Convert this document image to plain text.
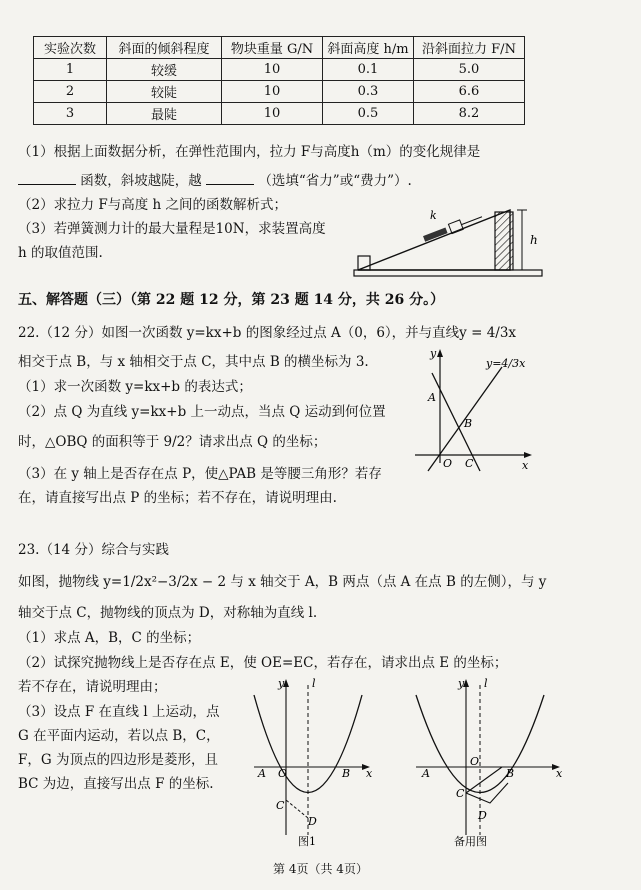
实验次数	斜面的倾斜程度	物块重量 G/N	斜面高度 h/m	沿斜面拉力 F/N
1	较缓	10	0.1	5.0
2	较陡	10	0.3	6.6
3	最陡	10	0.5	8.2
（1）根据上面数据分析，在弹性范围内，拉力 F与高度h（m）的变化规律是
函数，斜坡越陡，越	（选填“省力”或“费力”）.
（2）求拉力 F与高度 h 之间的函数解析式；
（3）若弹簧测力计的最大量程是10N，求装置高度
h 的取值范围.
k
h
五、解答题（三）（第 22 题 12 分，第 23 题 14 分，共 26 分。）
22.（12 分）如图一次函数 y=kx+b 的图象经过点 A（0，6），并与直线y = 4/3x
相交于点 B，与 x 轴相交于点 C，其中点 B 的横坐标为 3.
（1）求一次函数 y=kx+b 的表达式；
（2）点 Q 为直线 y=kx+b 上一动点，当点 Q 运动到何位置
时，△OBQ 的面积等于 9/2？请求出点 Q 的坐标；
（3）在 y 轴上是否存在点 P，使△PAB 是等腰三角形？若存
在，请直接写出点 P 的坐标；若不存在，请说明理由.
y
x
A
B
O C
y=4/3x
23.（14 分）综合与实践
如图，抛物线 y=1/2x²−3/2x − 2 与 x 轴交于 A，B 两点（点 A 在点 B 的左侧），与 y
轴交于点 C，抛物线的顶点为 D，对称轴为直线 l.
（1）求点 A，B，C 的坐标；
（2）试探究抛物线上是否存在点 E，使 OE=EC，若存在，请求出点 E 的坐标；
若不存在，请说明理由；
（3）设点 F 在直线 l 上运动，点
G 在平面内运动，若以点 B，C，
F，G 为顶点的四边形是菱形，且
BC 为边，直接写出点 F 的坐标.
y	l
A O	B x
C
D
图1
y l
A
O
B	x
C
D
备用图
第 4页（共 4页）
